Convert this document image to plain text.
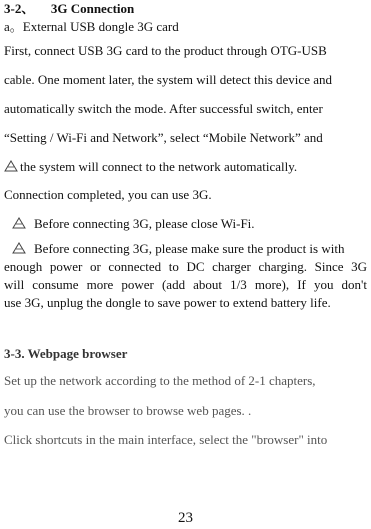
3-2、 3G Connection
a。External USB dongle 3G card
First, connect USB 3G card to the product through OTG-USB
cable. One moment later, the system will detect this device and
automatically switch the mode. After successful switch, enter
“Setting / Wi-Fi and Network”, select “Mobile Network” and
the system will connect to the network automatically.
Connection completed, you can use 3G.
Before connecting 3G, please close Wi-Fi.
Before connecting 3G, please make sure the product is with
enough power or connected to DC charger charging. Since 3G
will consume more power (add about 1/3 more), If you don't
use 3G, unplug the dongle to save power to extend battery life.
3-3. Webpage browser
Set up the network according to the method of 2-1 chapters,
you can use the browser to browse web pages. .
Click shortcuts in the main interface, select the "browser" into
23
